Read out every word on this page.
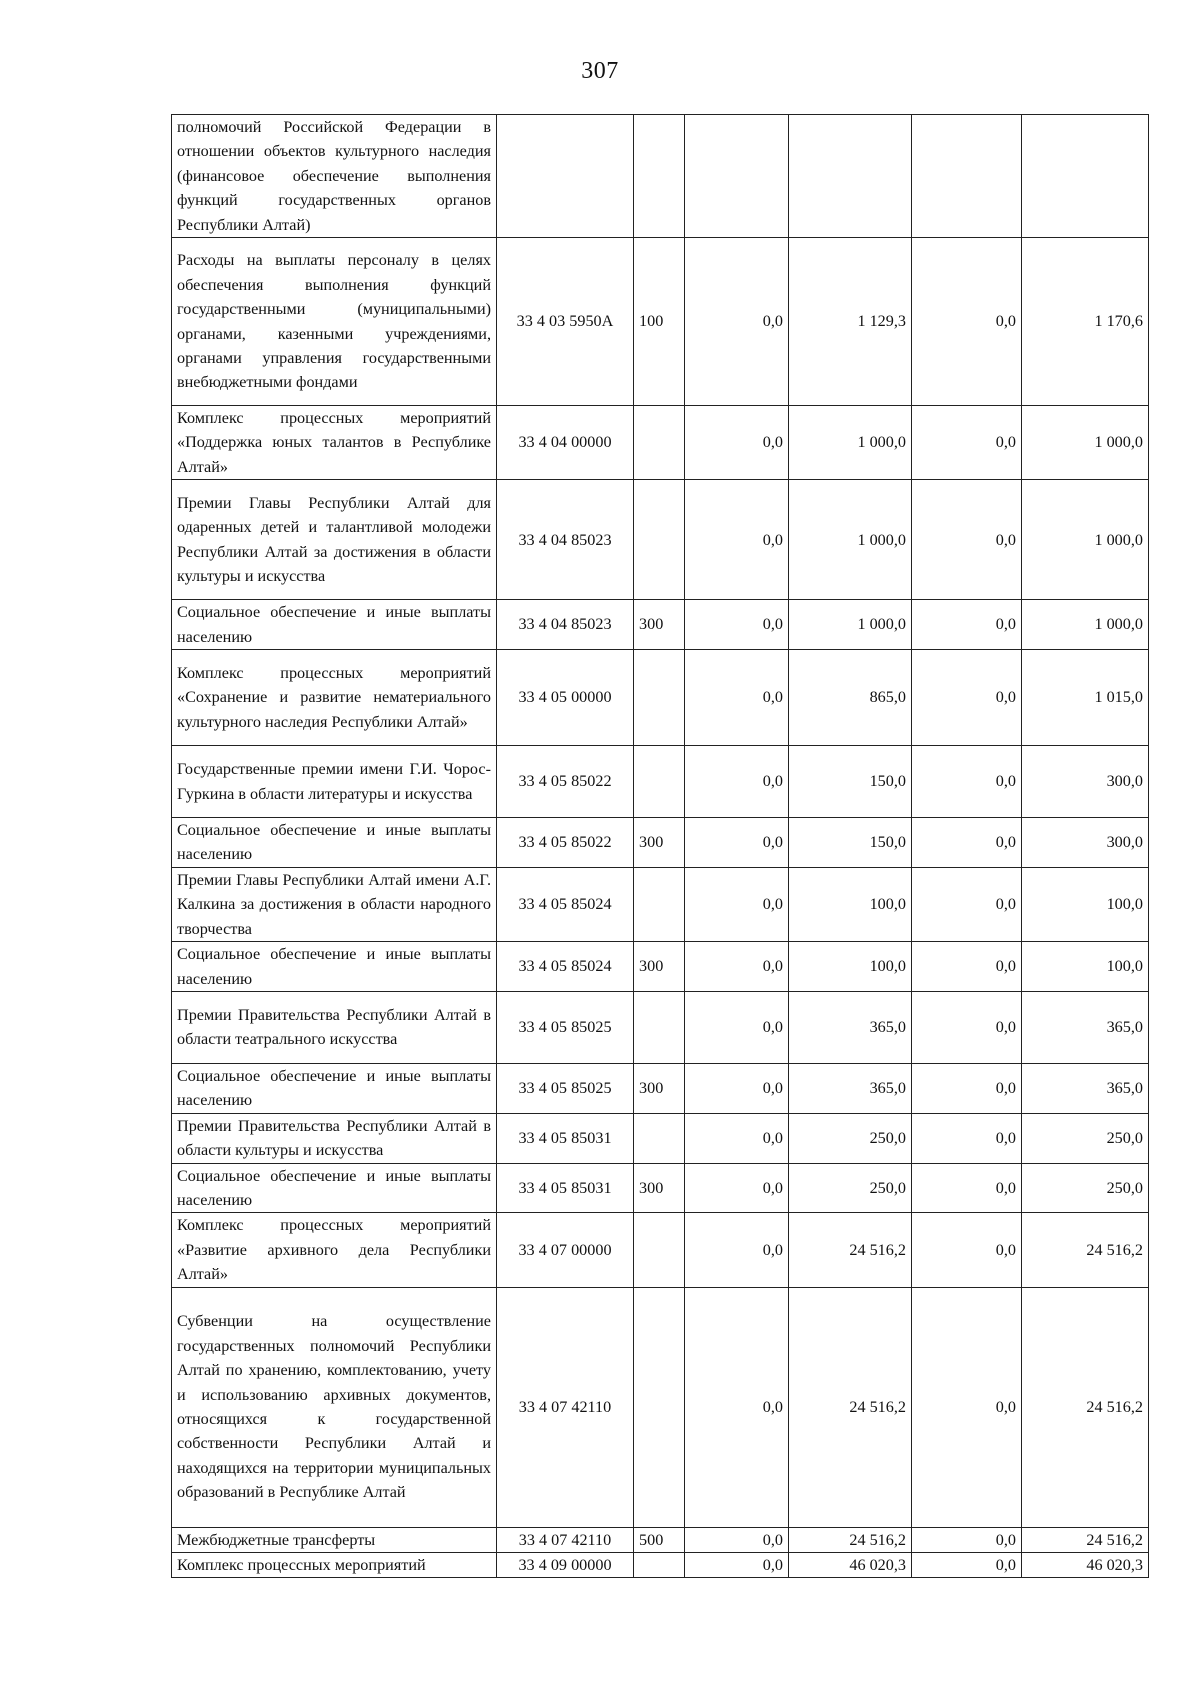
307
полномочий Российской Федерации в отношении объектов культурного наследия (финансовое обеспечение выполнения функций государственных органов Республики Алтай)						
Расходы на выплаты персоналу в целях обеспечения выполнения функций государственными (муниципальными) органами, казенными учреждениями, органами управления государственными внебюджетными фондами	33 4 03 5950А	100	0,0	1 129,3	0,0	1 170,6
Комплекс процессных мероприятий «Поддержка юных талантов в Республике Алтай»	33 4 04 00000		0,0	1 000,0	0,0	1 000,0
Премии Главы Республики Алтай для одаренных детей и талантливой молодежи Республики Алтай за достижения в области культуры и искусства	33 4 04 85023		0,0	1 000,0	0,0	1 000,0
Социальное обеспечение и иные выплаты населению	33 4 04 85023	300	0,0	1 000,0	0,0	1 000,0
Комплекс процессных мероприятий «Сохранение и развитие нематериального культурного наследия Республики Алтай»	33 4 05 00000		0,0	865,0	0,0	1 015,0
Государственные премии имени Г.И. Чорос-Гуркина в области литературы и искусства	33 4 05 85022		0,0	150,0	0,0	300,0
Социальное обеспечение и иные выплаты населению	33 4 05 85022	300	0,0	150,0	0,0	300,0
Премии Главы Республики Алтай имени А.Г. Калкина за достижения в области народного творчества	33 4 05 85024		0,0	100,0	0,0	100,0
Социальное обеспечение и иные выплаты населению	33 4 05 85024	300	0,0	100,0	0,0	100,0
Премии Правительства Республики Алтай в области театрального искусства	33 4 05 85025		0,0	365,0	0,0	365,0
Социальное обеспечение и иные выплаты населению	33 4 05 85025	300	0,0	365,0	0,0	365,0
Премии Правительства Республики Алтай в области культуры и искусства	33 4 05 85031		0,0	250,0	0,0	250,0
Социальное обеспечение и иные выплаты населению	33 4 05 85031	300	0,0	250,0	0,0	250,0
Комплекс процессных мероприятий «Развитие архивного дела Республики Алтай»	33 4 07 00000		0,0	24 516,2	0,0	24 516,2
Субвенции на осуществление государственных полномочий Республики Алтай по хранению, комплектованию, учету и использованию архивных документов, относящихся к государственной собственности Республики Алтай и находящихся на территории муниципальных образований в Республике Алтай	33 4 07 42110		0,0	24 516,2	0,0	24 516,2
Межбюджетные трансферты	33 4 07 42110	500	0,0	24 516,2	0,0	24 516,2
Комплекс процессных мероприятий	33 4 09 00000		0,0	46 020,3	0,0	46 020,3
